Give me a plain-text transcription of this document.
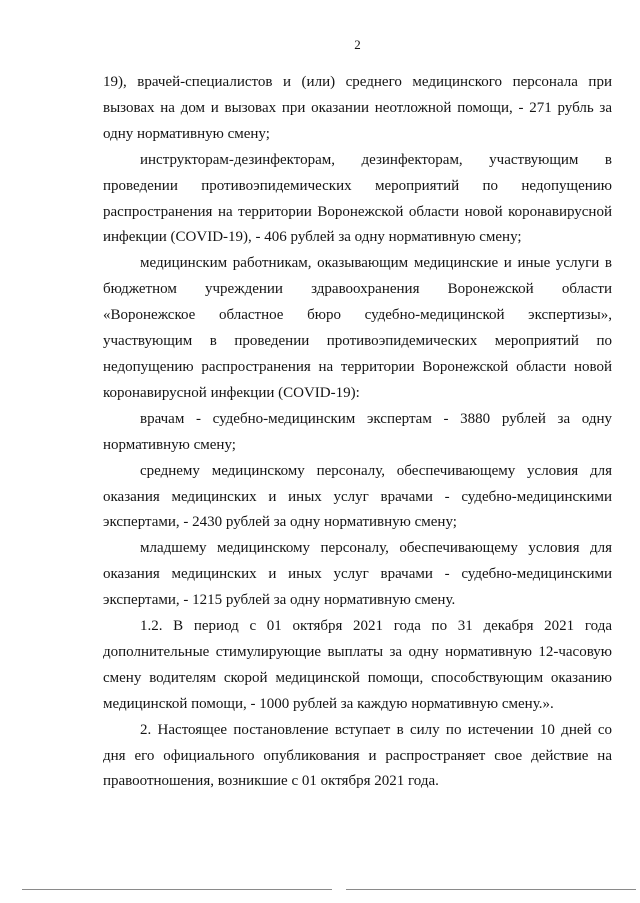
2
19), врачей-специалистов и (или) среднего медицинского персонала при
вызовах на дом и вызовах при оказании неотложной помощи, - 271 рубль за
одну нормативную смену;
инструкторам-дезинфекторам, дезинфекторам, участвующим в
проведении противоэпидемических мероприятий по недопущению
распространения на территории Воронежской области новой коронавирусной
инфекции (COVID-19), - 406 рублей за одну нормативную смену;
медицинским работникам, оказывающим медицинские и иные услуги в
бюджетном учреждении здравоохранения Воронежской области
«Воронежское областное бюро судебно-медицинской экспертизы»,
участвующим в проведении противоэпидемических мероприятий по
недопущению распространения на территории Воронежской области новой
коронавирусной инфекции (COVID-19):
врачам - судебно-медицинским экспертам - 3880 рублей за одну
нормативную смену;
среднему медицинскому персоналу, обеспечивающему условия для
оказания медицинских и иных услуг врачами - судебно-медицинскими
экспертами, - 2430 рублей за одну нормативную смену;
младшему медицинскому персоналу, обеспечивающему условия для
оказания медицинских и иных услуг врачами - судебно-медицинскими
экспертами, - 1215 рублей за одну нормативную смену.
1.2. В период с 01 октября 2021 года по 31 декабря 2021 года
дополнительные стимулирующие выплаты за одну нормативную 12-часовую
смену водителям скорой медицинской помощи, способствующим оказанию
медицинской помощи, - 1000 рублей за каждую нормативную смену.».
2. Настоящее постановление вступает в силу по истечении 10 дней со
дня его официального опубликования и распространяет свое действие на
правоотношения, возникшие с 01 октября 2021 года.
